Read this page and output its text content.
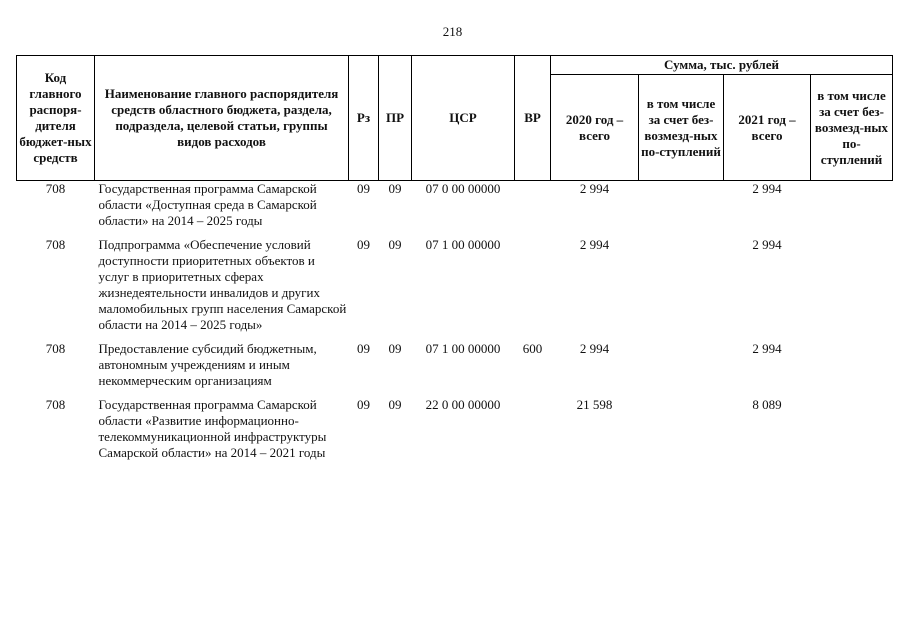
218
Код главного распоря-дителя бюджет-ных средств	Наименование главного распорядителя средств областного бюджета, раздела, подраздела, целевой статьи, группы видов расходов	Рз	ПР	ЦСР	ВР	Сумма, тыс. рублей			
						2020 год – всего	в том числе за счет без-возмезд-ных по-ступлений	2021 год – всего	в том числе за счет без-возмезд-ных по-ступлений
708	Государственная программа Самарской области «Доступная среда в Самарской области» на 2014 – 2025 годы	09	09	07 0 00 00000		2 994		2 994	
708	Подпрограмма «Обеспечение условий доступности приоритетных объектов и услуг в приоритетных сферах жизнедеятельности инвалидов и других маломобильных групп населения Самарской области на 2014 – 2025 годы»	09	09	07 1 00 00000		2 994		2 994	
708	Предоставление субсидий бюджетным, автономным учреждениям и иным некоммерческим организациям	09	09	07 1 00 00000	600	2 994		2 994	
708	Государственная программа Самарской области «Развитие информационно-телекоммуникационной инфраструктуры Самарской области» на 2014 – 2021 годы	09	09	22 0 00 00000		21 598		8 089	
